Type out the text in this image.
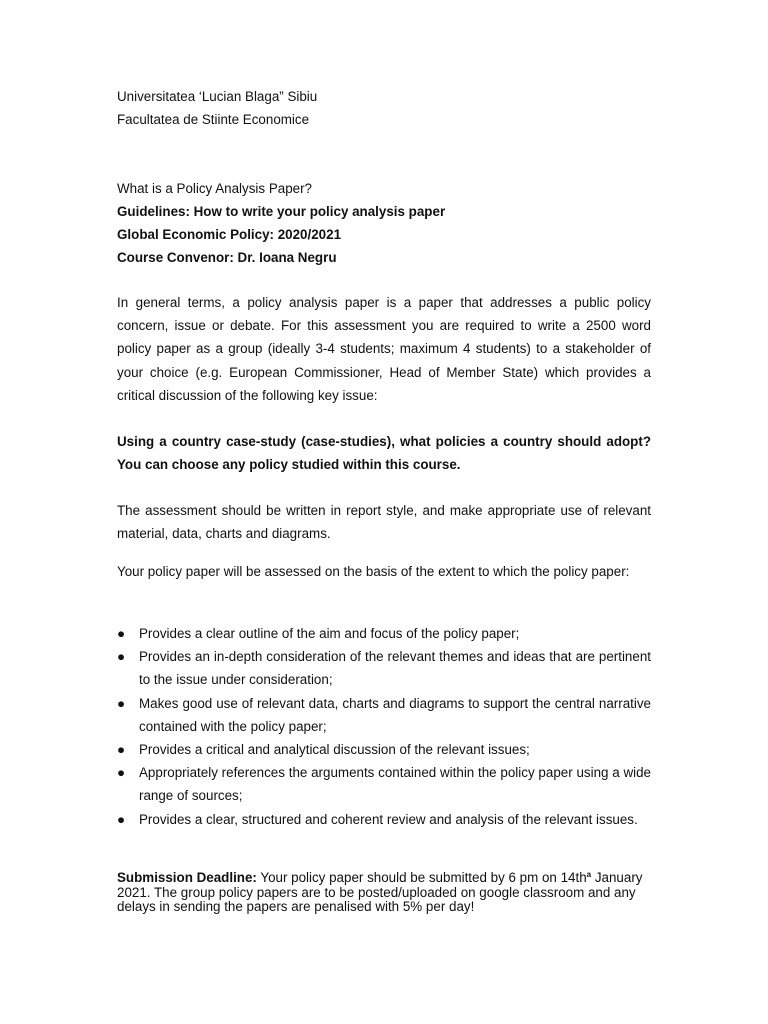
Universitatea ‘Lucian Blaga” Sibiu

Facultatea de Stiinte Economice

What is a Policy Analysis Paper?

Guidelines: How to write your policy analysis paper

Global Economic Policy: 2020/2021

Course Convenor: Dr. Ioana Negru

In general terms, a policy analysis paper is a paper that addresses a public policy concern, issue or debate. For this assessment you are required to write a 2500 word policy paper as a group (ideally 3-4 students; maximum 4 students) to a stakeholder of your choice (e.g. European Commissioner, Head of Member State) which provides a critical discussion of the following key issue:

Using a country case-study (case-studies), what policies a country should adopt? You can choose any policy studied within this course.

The assessment should be written in report style, and make appropriate use of relevant material, data, charts and diagrams.

Your policy paper will be assessed on the basis of the extent to which the policy paper:

● Provides a clear outline of the aim and focus of the policy paper;
● Provides an in-depth consideration of the relevant themes and ideas that are pertinent to the issue under consideration;
● Makes good use of relevant data, charts and diagrams to support the central narrative contained with the policy paper;
● Provides a critical and analytical discussion of the relevant issues;
● Appropriately references the arguments contained within the policy paper using a wide range of sources;
● Provides a clear, structured and coherent review and analysis of the relevant issues.

Submission Deadline: Your policy paper should be submitted by 6 pm on $14th^a$ January 2021. The group policy papers are to be posted/uploaded on google classroom and any delays in sending the papers are penalised with 5% per day!
